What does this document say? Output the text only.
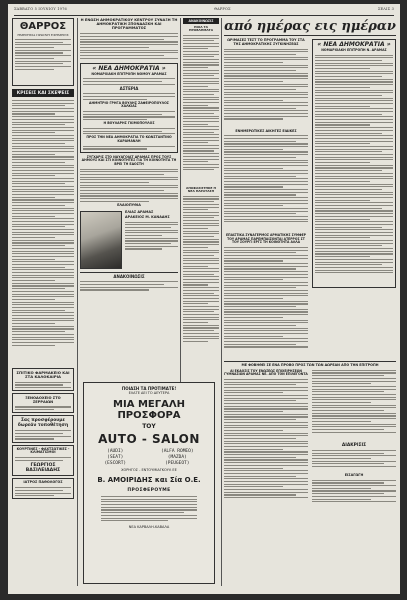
ΣΑΒΒΑΤΟ 5 ΙΟΥΝΙΟΥ 1976	ΘΑΡΡΟΣ	ΣΕΛΙΣ 3
ΘΑΡΡΟΣ
ΗΜΕΡΗΣΙΑ ΠΡΩΙΝΗ ΕΦΗΜΕΡΙΣ
ΚΡΙΣΕΙΣ ΚΑΙ ΣΚΕΨΕΙΣ
ΣΠΙΤΙΚΟ ΦΑΡΜΑΚΕΙΟ ΚΑΙ ΣΤΑ ΚΑΛΟΚΑΙΡΙΑ
ΞΕΝΟΔΟΧΕΙΟ ΣΤΟ ΣΕΡΡΑΙΩΝ
Σας προσφέρουμε δωρεάν τοποθέτηση
ΚΟΥΡΤΙΝΕΣ - ΦΑΧΤΣΩΤΙΚΕΣ - ΚΛΙΜΑΤΙΣΜΟΙ
ΓΕΩΡΓΙΟΣ ΒΑΣΙΛΕΙΑΔΗΣ
ΙΑΤΡΟΣ ΠΑΘΟΛΟΓΟΣ
Η ΕΝΩΣΗ ΔΗΜΟΚΡΑΤΙΚΟΥ ΚΕΝΤΡΟΥ ΣΥΝΑΞΗ ΤΗ ΔΗΜΟΚΡΑΤΙΚΗ ΣΠΟΝΔΑΣΚΗ ΚΑΙ ΠΡΟΓΡΑΜΜΑΤΟΣ
« ΝΕΑ ΔΗΜΟΚΡΑΤΙΑ »
ΝΟΜΑΡΧΙΑΚΗ ΕΠΙΤΡΟΠΗ ΝΟΜΟΥ ΔΡΑΜΑΣ
ΑΣΤΕΡΙΑ
ΔΗΜΗΤΡΙΟ ΓΡΗΓΑ ΒΟΥΛΗΣ ΖΑΦΕΙΡΟΠΟΥΛΟΣ ΧΑΛΚΙΑΣ
Η ΒΟΥΛΑΡΗΣ ΓΚΙΜΟΠΟΥΛΟΣ
ΠΡΟΣ ΤΗΝ ΝΕΑ ΔΗΜΟΚΡΑΤΙΑ ΤΟ ΚΩΝΣΤΑΝΤΙΝΟ ΚΑΡΑΜΑΝΛΗ
ΣΥΓΧΑΡΙΣ ΣΤΟ ΝΑΥΑΓΟΙΑΤ ΔΡΑΜΑΣ ΠΡΟΣ ΤΟΥΣ ΔΗΜΟΥΣ ΚΑΙ ΣΤΙ ΚΟΙΝΟΤΗΤΕΣ ΓΙΑ ΤΗ ΚΟΙΝΟΤΗΤΑ ΤΗ ΒΡΕΙ ΤΗ ΕΔΟΣΤΗ
ΕΛΑΙΟΠΥΘΙΑ
ΕΛΙΑΣ ΔΡΑΜΑΣ
ΔΡΑΚΕΙΟΣ Μ. ΚΑΝΑΔΗΣ
ΑΝΑΚΟΙΝΩΣΙΣ
ΑΝΑΚΟΙΝΩΣΙΣ
ΠΟΙΑ ΤΑ ΠΡΟΒΛΗΜΑΤΑ
ΑΠΟΦΑΣΙΣΤΗΚΕ Η ΝΕΑ ΠΑΡΑΤΑΣΗ
από ημέρας εις ημέραν
ΩΡΙΜΑΣΕΣ ΤΕΣΤ ΤΟ ΠΡΟΓΡΑΜΜΑ ΤΟΥ ΣΤΑ ΤΗΣ ΔΗΜΟΚΡΑΤΙΚΗΣ ΣΥΓΚΙΝΗΣΕΩΣ
ΕΝΗΜΕΡΩΤΙΚΕΣ ΔΙΚΗΓΕΣ ΕΙΔΙΚΕΣ
ΕΠΑΙΣΤΙΚΑ ΣΥΝΑΓΕΡΜΟΣ ΑΡΜΑΤΙΚΗΣ ΣΥΜΦΕΡ ΤΟΥ ΔΡΑΜΑΣ ΠΑΡΕΜΠΑΙΖΟΝΤΑΙ ΑΤΕΡΡΟΣ ΣΤ ΤΟΥ ΣΟΥΡΓΙ ΕΡΓΣ ΤΗ ΚΟΙΝΟΤΗΤΑ ΑΛΛΑ
« ΝΕΑ ΔΗΜΟΚΡΑΤΙΑ »
ΝΟΜΑΡΧΙΑΚΗ ΕΠΙΤΡΟΠΗ Ν. ΔΡΑΜΑΣ
ΜΕ ΦΟΒΗΘΕΙ ΣΕ ΕΝΑ ΠΡΟΒΟ ΠΡΟΣ ΤΩΝ ΤΩΝ ΔΩΡΕΑΝ ΑΠΟ ΤΗΝ ΕΠΙΤΡΟΠΗ
ΑΙ ΕΚΔΟΣΙΣ ΤΟΥ ΕΝΩΣΕΩΣ ΕΠΙΧΕΙΡΗΣΕΩΝ ΓΥΜΝΑΣΙΩΝ ΔΡΑΜΑΣ ΝΕ. ΑΠΟ ΤΟΝ ΕΠΙΛΕΓΟΝΤΑ
ΔΙΑΚΡΙΣΙΣ
ΕΙΣΑΓΩΓΗ
ΠΟΙΑΣΗ ΤΑ ΠΡΟΤΙΜΑΤΕ!
ΕΛΑΤΕ ΔΕΙ ΤΟ ΔΕΥΤΕΡΑ
ΜΙΑ ΜΕΓΑΛΗ ΠΡΟΣΦΟΡΑ
ΤΟΥ
AUTO - SALON
(AUDI)
(SEAT)
(ESCORT)
(ALFA ROMEO)
(MAZDA)
(PEUGEOT)
ΧΟΡΗΓΟΣ - ΕΝΤΟΥΜΙΑΓΚΟΥΛ ΕΕ
Β. ΑΜΟΙΡΙΔΗΣ και Σία Ο.Ε.
ΠΡΟΣΦΕΡΟΥΜΕ
ΝΕΑ ΚΑΡΒΑΛΗ-ΚΑΒΑΛΑ
